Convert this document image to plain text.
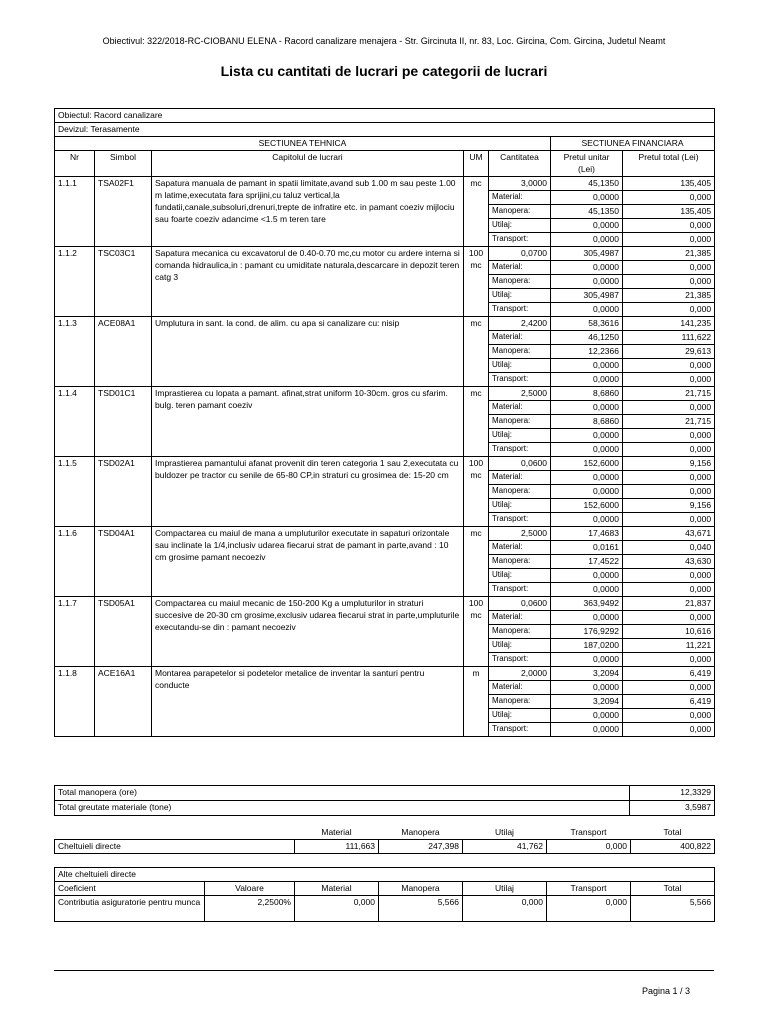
Obiectivul: 322/2018-RC-CIOBANU ELENA - Racord canalizare menajera - Str. Gircinuta II, nr. 83, Loc. Gircina, Com. Gircina, Judetul Neamt
Lista cu cantitati de lucrari pe categorii de lucrari
Obiectul: Racord canalizare						
Devizul: Terasamente						
SECTIUNEA TEHNICA					SECTIUNEA FINANCIARA	
Nr	Simbol	Capitolul de lucrari	UM	Cantitatea	Pretul unitar (Lei)	Pretul total (Lei)
1.1.1	TSA02F1	Sapatura manuala de pamant in spatii limitate,avand sub 1.00 m sau peste 1.00 m latime,executata fara sprijini,cu taluz vertical,la fundatii,canale,subsoluri,drenuri,trepte de infratire etc. in pamant coeziv mijlociu sau foarte coeziv adancime <1.5 m teren tare	mc	3,0000	45,1350	135,405
				Material:	0,0000	0,000
				Manopera:	45,1350	135,405
				Utilaj:	0,0000	0,000
				Transport:	0,0000	0,000
1.1.2	TSC03C1	Sapatura mecanica cu excavatorul de 0.40-0.70 mc,cu motor cu ardere interna si comanda hidraulica,in : pamant cu umiditate naturala,descarcare in depozit teren catg 3	100 mc	0,0700	305,4987	21,385
				Material:	0,0000	0,000
				Manopera:	0,0000	0,000
				Utilaj:	305,4987	21,385
				Transport:	0,0000	0,000
1.1.3	ACE08A1	Umplutura in sant. la cond. de alim. cu apa si canalizare cu: nisip	mc	2,4200	58,3616	141,235
				Material:	46,1250	111,622
				Manopera:	12,2366	29,613
				Utilaj:	0,0000	0,000
				Transport:	0,0000	0,000
1.1.4	TSD01C1	Imprastierea cu lopata a pamant. afinat,strat uniform 10-30cm. gros cu sfarim. bulg. teren pamant coeziv	mc	2,5000	8,6860	21,715
				Material:	0,0000	0,000
				Manopera:	8,6860	21,715
				Utilaj:	0,0000	0,000
				Transport:	0,0000	0,000
1.1.5	TSD02A1	Imprastierea pamantului afanat provenit din teren categoria 1 sau 2,executata cu buldozer pe tractor cu senile de 65-80 CP,in straturi cu grosimea de: 15-20 cm	100 mc	0,0600	152,6000	9,156
				Material:	0,0000	0,000
				Manopera:	0,0000	0,000
				Utilaj:	152,6000	9,156
				Transport:	0,0000	0,000
1.1.6	TSD04A1	Compactarea cu maiul de mana a umpluturilor executate in sapaturi orizontale sau inclinate la 1/4,inclusiv udarea fiecarui strat de pamant in parte,avand : 10 cm grosime pamant necoeziv	mc	2,5000	17,4683	43,671
				Material:	0,0161	0,040
				Manopera:	17,4522	43,630
				Utilaj:	0,0000	0,000
				Transport:	0,0000	0,000
1.1.7	TSD05A1	Compactarea cu maiul mecanic de 150-200 Kg a umpluturilor in straturi succesive de 20-30 cm grosime,exclusiv udarea fiecarui strat in parte,umpluturile executandu-se din : pamant necoeziv	100 mc	0,0600	363,9492	21,837
				Material:	0,0000	0,000
				Manopera:	176,9292	10,616
				Utilaj:	187,0200	11,221
				Transport:	0,0000	0,000
1.1.8	ACE16A1	Montarea parapetelor si podetelor metalice de inventar la santuri pentru conducte	m	2,0000	3,2094	6,419
				Material:	0,0000	0,000
				Manopera:	3,2094	6,419
				Utilaj:	0,0000	0,000
				Transport:	0,0000	0,000
Total manopera (ore)	12,3329
Total greutate materiale (tone)	3,5987
	Material	Manopera	Utilaj	Transport	Total
Cheltuieli directe	111,663	247,398	41,762	0,000	400,822
Alte cheltuieli directe						
Coeficient	Valoare	Material	Manopera	Utilaj	Transport	Total
Contributia asiguratorie pentru munca	2,2500%	0,000	5,566	0,000	0,000	5,566
Pagina 1 / 3
